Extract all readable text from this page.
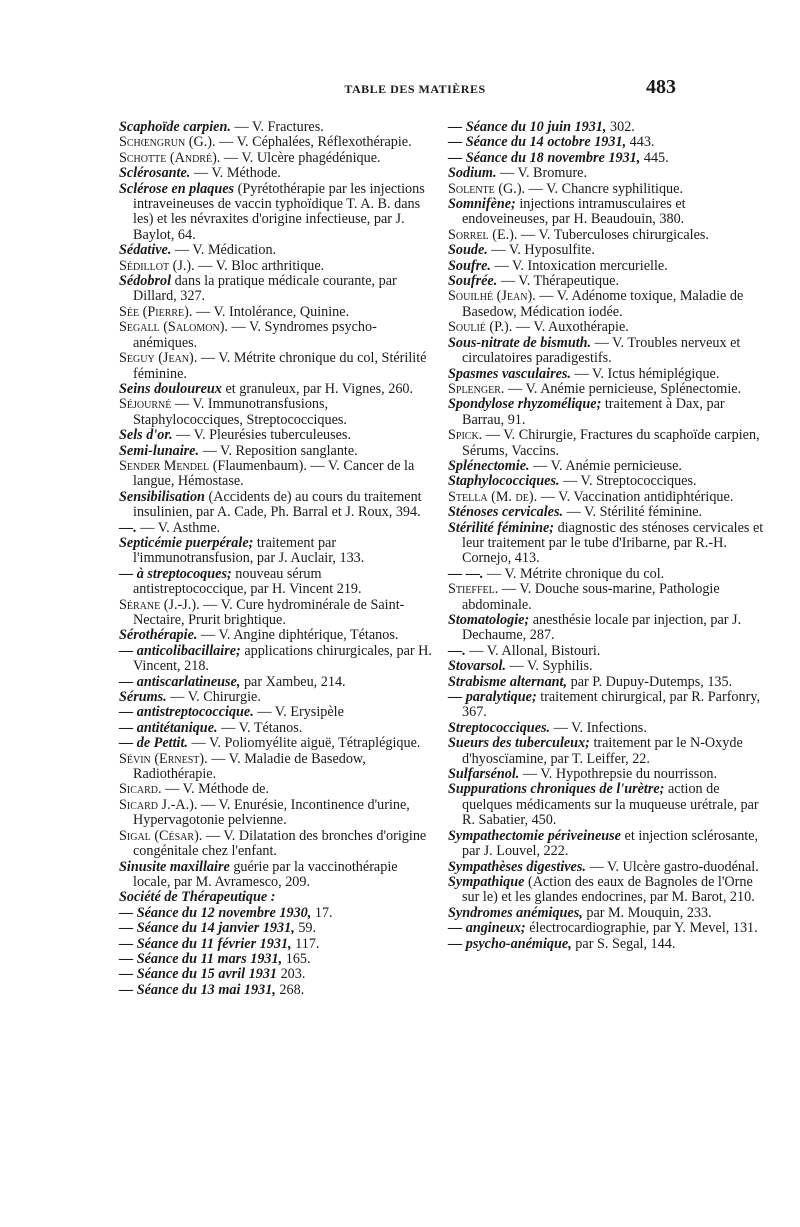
TABLE DES MATIÈRES	483

Scaphoïde carpien. — V. Fractures.

Schœngrun (G.). — V. Céphalées, Réflexothérapie.

Schotte (André). — V. Ulcère phagédénique.

Sclérosante. — V. Méthode.

Sclérose en plaques (Pyrétothérapie par les injections intraveineuses de vaccin typhoïdique T. A. B. dans les) et les névraxites d'origine infectieuse, par J. Baylot, 64.

Sédative. — V. Médication.

Sédillot (J.). — V. Bloc arthritique.

Sédobrol dans la pratique médicale courante, par Dillard, 327.

Sée (Pierre). — V. Intolérance, Quinine.

Segall (Salomon). — V. Syndromes psycho-anémiques.

Seguy (Jean). — V. Métrite chronique du col, Stérilité féminine.

Seins douloureux et granuleux, par H. Vignes, 260.

Séjourné — V. Immunotransfusions, Staphylococciques, Streptococciques.

Sels d'or. — V. Pleurésies tuberculeuses.

Semi-lunaire. — V. Reposition sanglante.

Sender Mendel (Flaumenbaum). — V. Cancer de la langue, Hémostase.

Sensibilisation (Accidents de) au cours du traitement insulinien, par A. Cade, Ph. Barral et J. Roux, 394.

—. — V. Asthme.

Septicémie puerpérale; traitement par l'immunotransfusion, par J. Auclair, 133.

— à streptocoques; nouveau sérum antistreptococcique, par H. Vincent 219.

Sérane (J.-J.). — V. Cure hydrominérale de Saint-Nectaire, Prurit brightique.

Sérothérapie. — V. Angine diphtérique, Tétanos.

— anticolibacillaire; applications chirurgicales, par H. Vincent, 218.

— antiscarlatineuse, par Xambeu, 214.

Sérums. — V. Chirurgie.

— antistreptococcique. — V. Erysipèle

— antitétanique. — V. Tétanos.

— de Pettit. — V. Poliomyélite aiguë, Tétraplégique.

Sévin (Ernest). — V. Maladie de Basedow, Radiothérapie.

Sicard. — V. Méthode de.

Sicard J.-A.). — V. Enurésie, Incontinence d'urine, Hypervagotonie pelvienne.

Sigal (César). — V. Dilatation des bronches d'origine congénitale chez l'enfant.

Sinusite maxillaire guérie par la vaccinothérapie locale, par M. Avramesco, 209.

Société de Thérapeutique :

— Séance du 12 novembre 1930, 17.

— Séance du 14 janvier 1931, 59.

— Séance du 11 février 1931, 117.

— Séance du 11 mars 1931, 165.

— Séance du 15 avril 1931 203.

— Séance du 13 mai 1931, 268.

— Séance du 10 juin 1931, 302.

— Séance du 14 octobre 1931, 443.

— Séance du 18 novembre 1931, 445.

Sodium. — V. Bromure.

Solente (G.). — V. Chancre syphilitique.

Somnifène; injections intramusculaires et endoveineuses, par H. Beaudouin, 380.

Sorrel (E.). — V. Tuberculoses chirurgicales.

Soude. — V. Hyposulfite.

Soufre. — V. Intoxication mercurielle.

Soufrée. — V. Thérapeutique.

Souilhé (Jean). — V. Adénome toxique, Maladie de Basedow, Médication iodée.

Soulié (P.). — V. Auxothérapie.

Sous-nitrate de bismuth. — V. Troubles nerveux et circulatoires paradigestifs.

Spasmes vasculaires. — V. Ictus hémiplégique.

Splenger. — V. Anémie pernicieuse, Splénectomie.

Spondylose rhyzomélique; traitement à Dax, par Barrau, 91.

Spick. — V. Chirurgie, Fractures du scaphoïde carpien, Sérums, Vaccins.

Splénectomie. — V. Anémie pernicieuse.

Staphylococciques. — V. Streptococciques.

Stella (M. de). — V. Vaccination antidiphtérique.

Sténoses cervicales. — V. Stérilité féminine.

Stérilité féminine; diagnostic des sténoses cervicales et leur traitement par le tube d'Iribarne, par R.-H. Cornejo, 413.

— —. — V. Métrite chronique du col.

Stieffel. — V. Douche sous-marine, Pathologie abdominale.

Stomatologie; anesthésie locale par injection, par J. Dechaume, 287.

—. — V. Allonal, Bistouri.

Stovarsol. — V. Syphilis.

Strabisme alternant, par P. Dupuy-Dutemps, 135.

— paralytique; traitement chirurgical, par R. Parfonry, 367.

Streptococciques. — V. Infections.

Sueurs des tuberculeux; traitement par le N-Oxyde d'hyoscïamine, par T. Leiffer, 22.

Sulfarsénol. — V. Hypothrepsie du nourrisson.

Suppurations chroniques de l'urètre; action de quelques médicaments sur la muqueuse urétrale, par R. Sabatier, 450.

Sympathectomie périveineuse et injection sclérosante, par J. Louvel, 222.

Sympathèses digestives. — V. Ulcère gastro-duodénal.

Sympathique (Action des eaux de Bagnoles de l'Orne sur le) et les glandes endocrines, par M. Barot, 210.

Syndromes anémiques, par M. Mouquin, 233.

— angineux; électrocardiographie, par Y. Mevel, 131.

— psycho-anémique, par S. Segal, 144.
